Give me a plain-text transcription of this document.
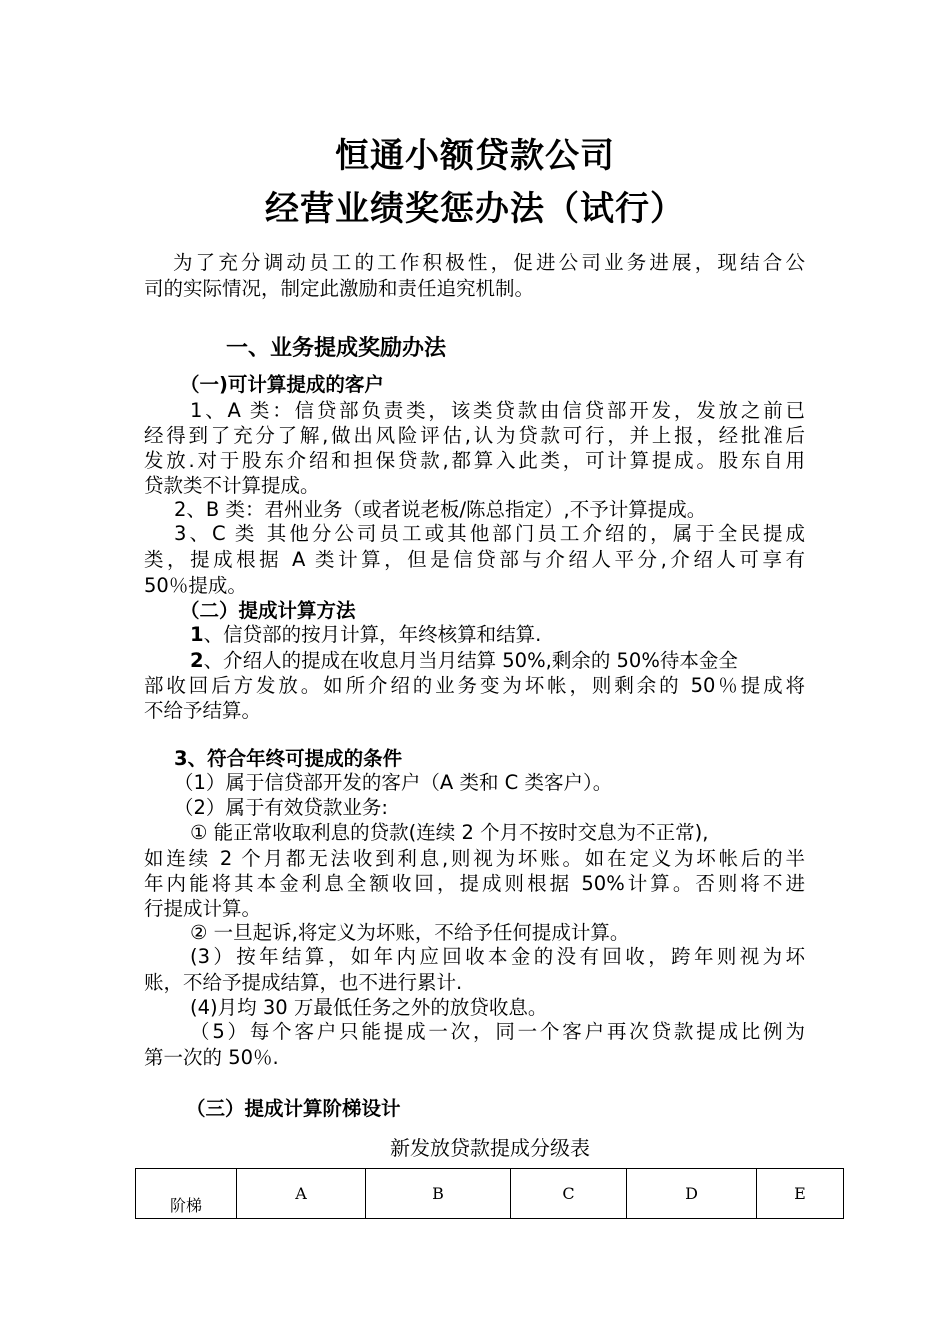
恒通小额贷款公司
经营业绩奖惩办法（试行）
为了充分调动员工的工作积极性，促进公司业务进展，现结合公
司的实际情况，制定此激励和责任追究机制。
一、业务提成奖励办法
（一)可计算提成的客户
1、A 类：信贷部负责类，该类贷款由信贷部开发，发放之前已
经得到了充分了解,做出风险评估,认为贷款可行，并上报，经批准后
发放.对于股东介绍和担保贷款,都算入此类，可计算提成。股东自用
贷款类不计算提成。
2、B 类：君州业务（或者说老板/陈总指定）,不予计算提成。
3、C 类 其他分公司员工或其他部门员工介绍的，属于全民提成
类，提成根据 A 类计算，但是信贷部与介绍人平分,介绍人可享有
50％提成。
（二）提成计算方法
1、信贷部的按月计算，年终核算和结算.
2、介绍人的提成在收息月当月结算 50%,剩余的 50%待本金全
部收回后方发放。如所介绍的业务变为坏帐，则剩余的 50％提成将
不给予结算。
3、符合年终可提成的条件
（1）属于信贷部开发的客户（A 类和 C 类客户）。
（2）属于有效贷款业务:
① 能正常收取利息的贷款(连续 2 个月不按时交息为不正常),
如连续 2 个月都无法收到利息,则视为坏账。如在定义为坏帐后的半
年内能将其本金利息全额收回，提成则根据 50%计算。否则将不进
行提成计算。
② 一旦起诉,将定义为坏账，不给予任何提成计算。
(3）按年结算，如年内应回收本金的没有回收，跨年则视为坏
账，不给予提成结算，也不进行累计.
(4)月均 30 万最低任务之外的放贷收息。
（5）每个客户只能提成一次，同一个客户再次贷款提成比例为
第一次的 50％.
（三）提成计算阶梯设计
新发放贷款提成分级表
阶梯	A	B	C	D	E
